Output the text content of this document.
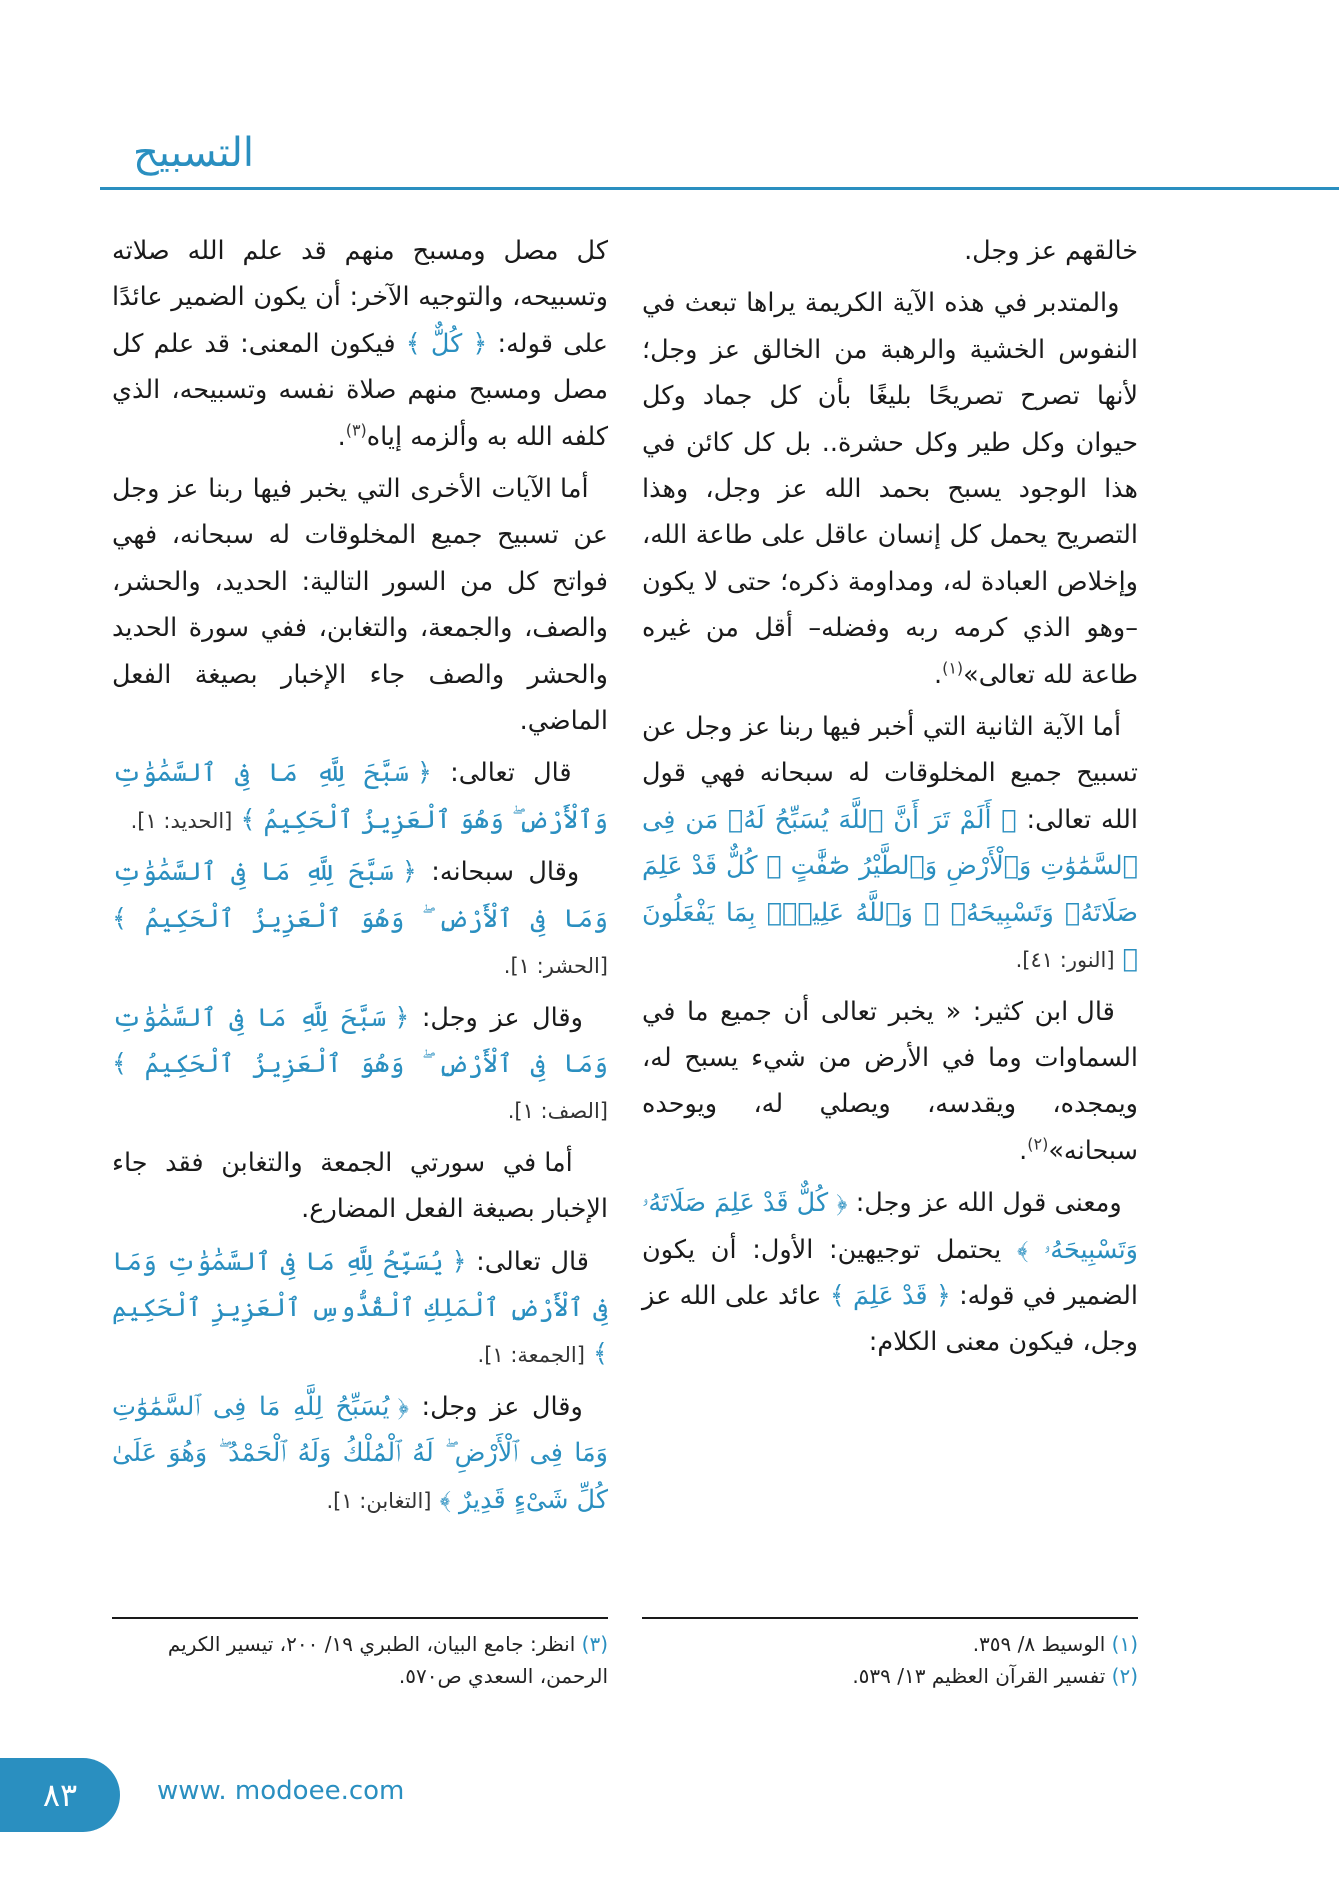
التسبيح

خالقهم عز وجل.

والمتدبر في هذه الآية الكريمة يراها تبعث في النفوس الخشية والرهبة من الخالق عز وجل؛ لأنها تصرح تصريحًا بليغًا بأن كل جماد وكل حيوان وكل طير وكل حشرة.. بل كل كائن في هذا الوجود يسبح بحمد الله عز وجل، وهذا التصريح يحمل كل إنسان عاقل على طاعة الله، وإخلاص العبادة له، ومداومة ذكره؛ حتى لا يكون –وهو الذي كرمه ربه وفضله– أقل من غيره طاعة لله تعالى»$^{(١)}$.

أما الآية الثانية التي أخبر فيها ربنا عز وجل عن تسبيح جميع المخلوقات له سبحانه فهي قول الله تعالى: ﴿ أَلَمْ تَرَ أَنَّ ٱللَّهَ يُسَبِّحُ لَهُۥ مَن فِى ٱلسَّمَٰوَٰتِ وَٱلْأَرْضِ وَٱلطَّيْرُ صَٰٓفَّٰتٍ ۖ كُلٌّ قَدْ عَلِمَ صَلَاتَهُۥ وَتَسْبِيحَهُۥ ۗ وَٱللَّهُ عَلِيمٌۢ بِمَا يَفْعَلُونَ ﴾ [النور: ٤١].

قال ابن كثير: « يخبر تعالى أن جميع ما في السماوات وما في الأرض من شيء يسبح له، ويمجده، ويقدسه، ويصلي له، ويوحده سبحانه»$^{(٢)}$.

ومعنى قول الله عز وجل: ﴿ كُلٌّ قَدْ عَلِمَ صَلَاتَهُۥ وَتَسْبِيحَهُۥ ﴾ يحتمل توجيهين: الأول: أن يكون الضمير في قوله: ﴿ قَدْ عَلِمَ ﴾ عائد على الله عز وجل، فيكون معنى الكلام:

كل مصل ومسبح منهم قد علم الله صلاته وتسبيحه، والتوجيه الآخر: أن يكون الضمير عائدًا على قوله: ﴿ كُلٌّ ﴾ فيكون المعنى: قد علم كل مصل ومسبح منهم صلاة نفسه وتسبيحه، الذي كلفه الله به وألزمه إياه$^{(٣)}$.

أما الآيات الأخرى التي يخبر فيها ربنا عز وجل عن تسبيح جميع المخلوقات له سبحانه، فهي فواتح كل من السور التالية: الحديد، والحشر، والصف، والجمعة، والتغابن، ففي سورة الحديد والحشر والصف جاء الإخبار بصيغة الفعل الماضي.

قال تعالى: ﴿ سَبَّحَ لِلَّهِ مَا فِى ٱلسَّمَٰوَٰتِ وَٱلْأَرْضِ ۖ وَهُوَ ٱلْعَزِيزُ ٱلْحَكِيمُ ﴾ [الحديد: ١].

وقال سبحانه: ﴿ سَبَّحَ لِلَّهِ مَا فِى ٱلسَّمَٰوَٰتِ وَمَا فِى ٱلْأَرْضِ ۖ وَهُوَ ٱلْعَزِيزُ ٱلْحَكِيمُ ﴾ [الحشر: ١].

وقال عز وجل: ﴿ سَبَّحَ لِلَّهِ مَا فِى ٱلسَّمَٰوَٰتِ وَمَا فِى ٱلْأَرْضِ ۖ وَهُوَ ٱلْعَزِيزُ ٱلْحَكِيمُ ﴾ [الصف: ١].

أما في سورتي الجمعة والتغابن فقد جاء الإخبار بصيغة الفعل المضارع.

قال تعالى: ﴿ يُسَبِّحُ لِلَّهِ مَا فِى ٱلسَّمَٰوَٰتِ وَمَا فِى ٱلْأَرْضِ ٱلْمَلِكِ ٱلْقُدُّوسِ ٱلْعَزِيزِ ٱلْحَكِيمِ ﴾ [الجمعة: ١].

وقال عز وجل: ﴿ يُسَبِّحُ لِلَّهِ مَا فِى ٱلسَّمَٰوَٰتِ وَمَا فِى ٱلْأَرْضِ ۖ لَهُ ٱلْمُلْكُ وَلَهُ ٱلْحَمْدُ ۖ وَهُوَ عَلَىٰ كُلِّ شَىْءٍ قَدِيرٌ ﴾ [التغابن: ١].

(١) الوسيط ٨/ ٣٥٩.
(٢) تفسير القرآن العظيم ١٣/ ٥٣٩.
(٣) انظر: جامع البيان، الطبري ١٩/ ٢٠٠، تيسير الكريم الرحمن، السعدي ص٥٧٠.
٨٣	www. modoee.com
